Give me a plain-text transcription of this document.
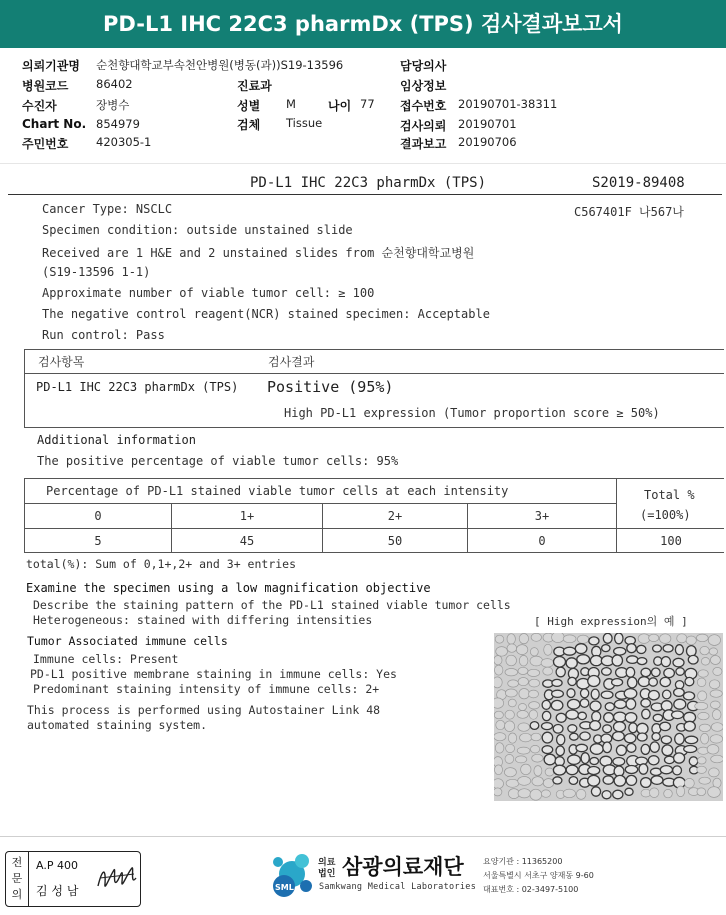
PD-L1 IHC 22C3 pharmDx (TPS) 검사결과보고서
의뢰기관명 순천향대학교부속천안병원(병동(과))S19-13596
병원코드 86402
수진자	장병수
Chart No. 854979
주민번호 420305-1
진료과
성별 M	나이 77
검체 Tissue
담당의사
임상정보
접수번호 20190701-38311
검사의뢰 20190701
결과보고 20190706
PD-L1 IHC 22C3 pharmDx (TPS)	S2019-89408
C567401F 나567나
Cancer Type: NSCLC
Specimen condition: outside unstained slide
Received are 1 H&E and 2 unstained slides from 순천향대학교병원
(S19-13596 1-1)
Approximate number of viable tumor cell: ≥ 100
The negative control reagent(NCR) stained specimen: Acceptable
Run control: Pass
검사항목	검사결과
PD-L1 IHC 22C3 pharmDx (TPS) Positive (95%)
High PD-L1 expression (Tumor proportion score ≥ 50%)
Additional information
The positive percentage of viable tumor cells: 95%
Percentage of PD-L1 stained viable tumor cells at each intensity	Total %
(=100%)
0	1+	2+	3+
5	45	50	0	100
total(%): Sum of 0,1+,2+ and 3+ entries
Examine the specimen using a low magnification objective
Describe the staining pattern of the PD-L1 stained viable tumor cells
Heterogeneous: stained with differing intensities	[ High expression의 예 ]
Tumor Associated immune cells
Immune cells: Present
PD-L1 positive membrane staining in immune cells: Yes
Predominant staining intensity of immune cells: 2+
This process is performed using Autostainer Link 48
automated staining system.
전문의
A.P 400
김 성 남	SML
의료
법인 삼광의료재단
Samkwang Medical Laboratories
요양기관 : 11365200
서울특별시 서초구 양재동 9-60
대표번호 : 02-3497-5100
